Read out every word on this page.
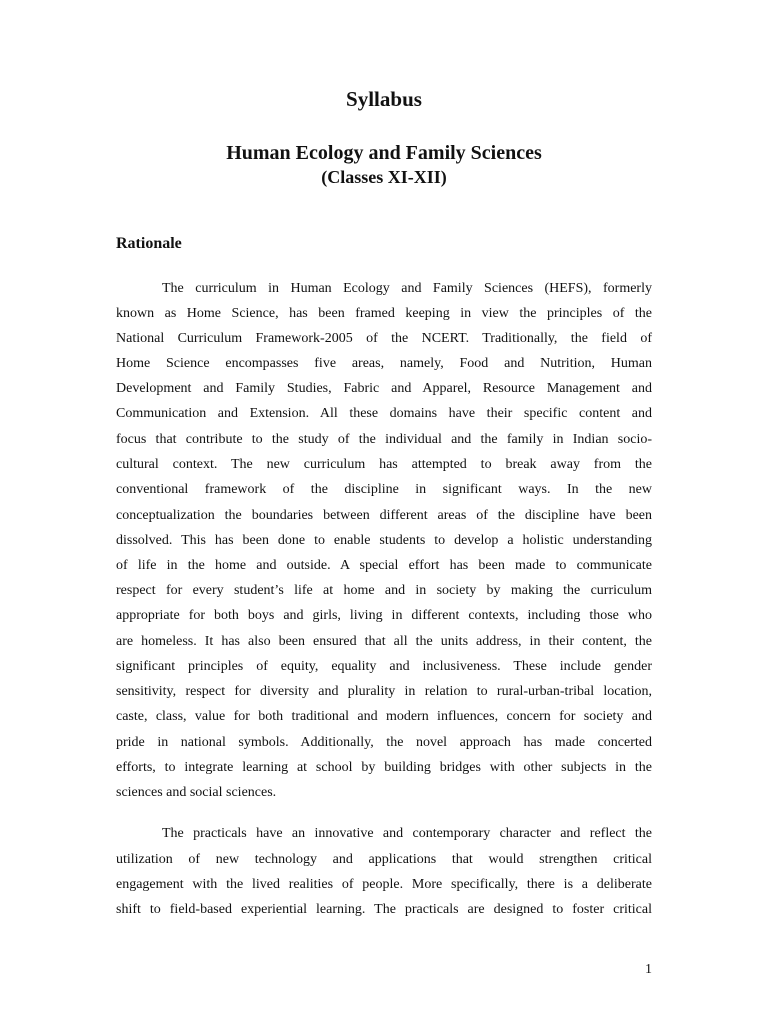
Syllabus
Human Ecology and Family Sciences
(Classes XI-XII)
Rationale
The curriculum in Human Ecology and Family Sciences (HEFS), formerly
known as Home Science, has been framed keeping in view the principles of the
National Curriculum Framework-2005 of the NCERT. Traditionally, the field of
Home Science encompasses five areas, namely, Food and Nutrition, Human
Development and Family Studies, Fabric and Apparel, Resource Management and
Communication and Extension. All these domains have their specific content and
focus that contribute to the study of the individual and the family in Indian socio-
cultural context. The new curriculum has attempted to break away from the
conventional framework of the discipline in significant ways. In the new
conceptualization the boundaries between different areas of the discipline have been
dissolved. This has been done to enable students to develop a holistic understanding
of life in the home and outside. A special effort has been made to communicate
respect for every student’s life at home and in society by making the curriculum
appropriate for both boys and girls, living in different contexts, including those who
are homeless. It has also been ensured that all the units address, in their content, the
significant principles of equity, equality and inclusiveness. These include gender
sensitivity, respect for diversity and plurality in relation to rural-urban-tribal location,
caste, class, value for both traditional and modern influences, concern for society and
pride in national symbols. Additionally, the novel approach has made concerted
efforts, to integrate learning at school by building bridges with other subjects in the
sciences and social sciences.
The practicals have an innovative and contemporary character and reflect the
utilization of new technology and applications that would strengthen critical
engagement with the lived realities of people. More specifically, there is a deliberate
shift to field-based experiential learning. The practicals are designed to foster critical
1
